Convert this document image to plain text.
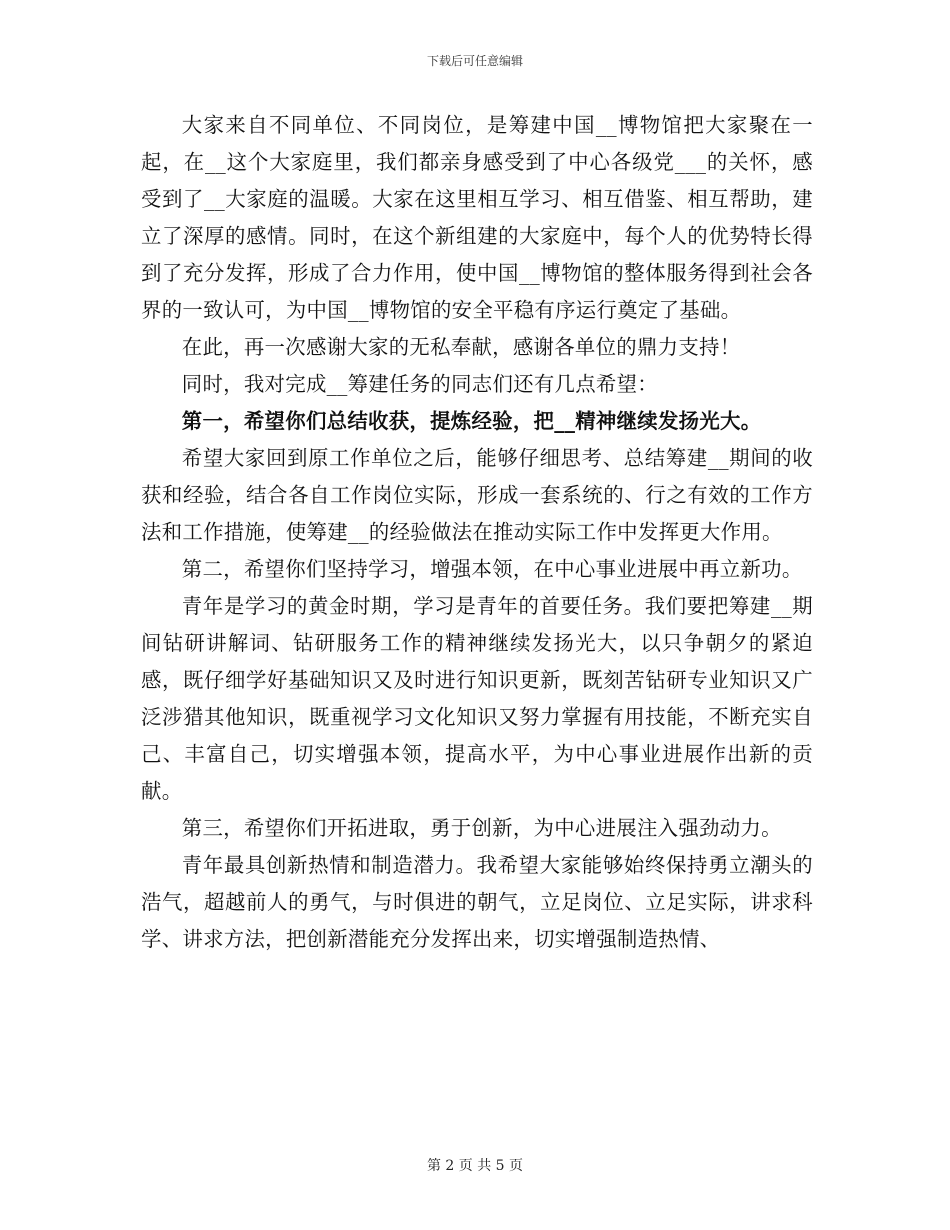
下载后可任意编辑

大家来自不同单位、不同岗位，是筹建中国__博物馆把大家聚在一起，在__这个大家庭里，我们都亲身感受到了中心各级党___的关怀，感受到了__大家庭的温暖。大家在这里相互学习、相互借鉴、相互帮助，建立了深厚的感情。同时，在这个新组建的大家庭中，每个人的优势特长得到了充分发挥，形成了合力作用，使中国__博物馆的整体服务得到社会各界的一致认可，为中国__博物馆的安全平稳有序运行奠定了基础。

在此，再一次感谢大家的无私奉献，感谢各单位的鼎力支持！

同时，我对完成__筹建任务的同志们还有几点希望：

第一，希望你们总结收获，提炼经验，把__精神继续发扬光大。

希望大家回到原工作单位之后，能够仔细思考、总结筹建__期间的收获和经验，结合各自工作岗位实际，形成一套系统的、行之有效的工作方法和工作措施，使筹建__的经验做法在推动实际工作中发挥更大作用。

第二，希望你们坚持学习，增强本领，在中心事业进展中再立新功。

青年是学习的黄金时期，学习是青年的首要任务。我们要把筹建__期间钻研讲解词、钻研服务工作的精神继续发扬光大，以只争朝夕的紧迫感，既仔细学好基础知识又及时进行知识更新，既刻苦钻研专业知识又广泛涉猎其他知识，既重视学习文化知识又努力掌握有用技能，不断充实自己、丰富自己，切实增强本领，提高水平，为中心事业进展作出新的贡献。

第三，希望你们开拓进取，勇于创新，为中心进展注入强劲动力。

青年最具创新热情和制造潜力。我希望大家能够始终保持勇立潮头的浩气，超越前人的勇气，与时俱进的朝气，立足岗位、立足实际，讲求科学、讲求方法，把创新潜能充分发挥出来，切实增强制造热情、

第 2 页 共 5 页
